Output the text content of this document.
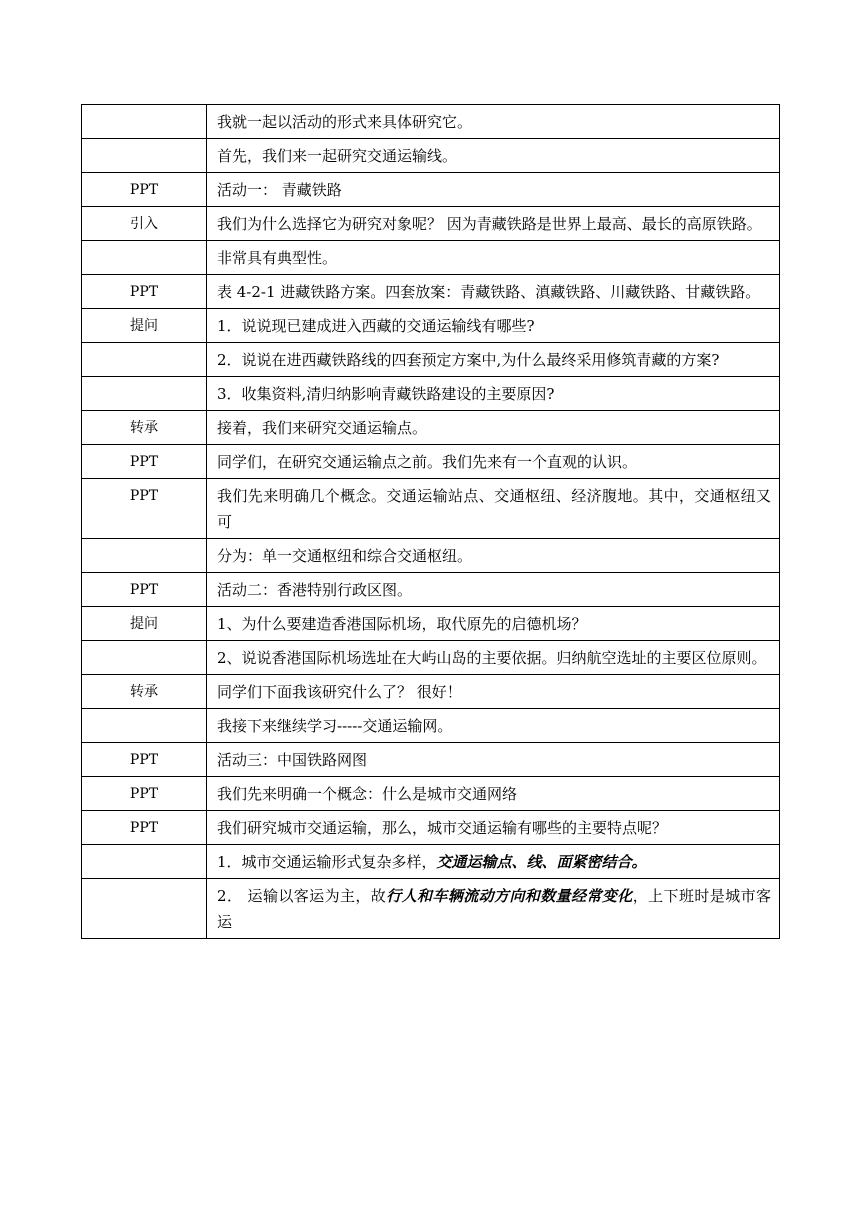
	我就一起以活动的形式来具体研究它。
	首先，我们来一起研究交通运输线。
PPT	活动一： 青藏铁路
引入	我们为什么选择它为研究对象呢？ 因为青藏铁路是世界上最高、最长的高原铁路。
	非常具有典型性。
PPT	表 4-2-1 进藏铁路方案。四套放案：青藏铁路、滇藏铁路、川藏铁路、甘藏铁路。
提问	1．说说现已建成进入西藏的交通运输线有哪些?
	2．说说在进西藏铁路线的四套预定方案中,为什么最终采用修筑青藏的方案?
	3．收集资料,清归纳影响青藏铁路建设的主要原因?
转承	接着，我们来研究交通运输点。
PPT	同学们，在研究交通运输点之前。我们先来有一个直观的认识。
PPT	我们先来明确几个概念。交通运输站点、交通枢纽、经济腹地。其中，交通枢纽又可
	分为：单一交通枢纽和综合交通枢纽。
PPT	活动二：香港特别行政区图。
提问	1、为什么要建造香港国际机场，取代原先的启德机场？
	2、说说香港国际机场选址在大屿山岛的主要依据。归纳航空选址的主要区位原则。
转承	同学们下面我该研究什么了？ 很好！
	我接下来继续学习-----交通运输网。
PPT	活动三：中国铁路网图
PPT	我们先来明确一个概念：什么是城市交通网络
PPT	我们研究城市交通运输，那么，城市交通运输有哪些的主要特点呢？
	1．城市交通运输形式复杂多样，交通运输点、线、面紧密结合。
	2． 运输以客运为主，故行人和车辆流动方向和数量经常变化，上下班时是城市客运
